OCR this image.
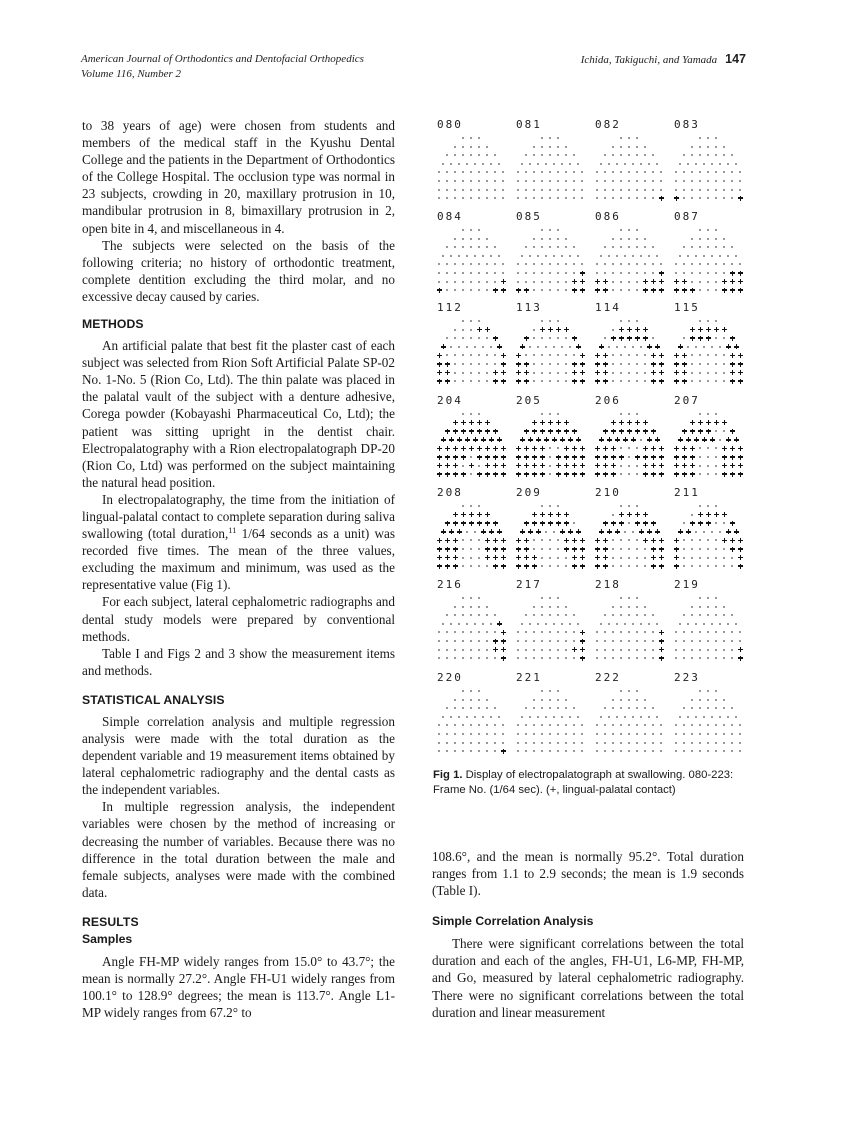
American Journal of Orthodontics and Dentofacial Orthopedics
Volume 116, Number 2
Ichida, Takiguchi, and Yamada 147

to 38 years of age) were chosen from students and members of the medical staff in the Kyushu Dental College and the patients in the Department of Orthodontics of the College Hospital. The occlusion type was normal in 23 subjects, crowding in 20, maxillary protrusion in 10, mandibular protrusion in 8, bimaxillary protrusion in 2, open bite in 4, and miscellaneous in 4.

The subjects were selected on the basis of the following criteria; no history of orthodontic treatment, complete dentition excluding the third molar, and no excessive decay caused by caries.

METHODS

An artificial palate that best fit the plaster cast of each subject was selected from Rion Soft Artificial Palate SP-02 No. 1-No. 5 (Rion Co, Ltd). The thin palate was placed in the palatal vault of the subject with a denture adhesive, Corega powder (Kobayashi Pharmaceutical Co, Ltd); the patient was sitting upright in the dentist chair. Electropalatography with a Rion electropalatograph DP-20 (Rion Co, Ltd) was performed on the subject maintaining the natural head position.

In electropalatography, the time from the initiation of lingual-palatal contact to complete separation during saliva swallowing (total duration,$^{11}$ 1/64 seconds as a unit) was recorded five times. The mean of the three values, excluding the maximum and minimum, was used as the representative value (Fig 1).

For each subject, lateral cephalometric radiographs and dental study models were prepared by conventional methods.

Table I and Figs 2 and 3 show the measurement items and methods.

STATISTICAL ANALYSIS

Simple correlation analysis and multiple regression analysis were made with the total duration as the dependent variable and 19 measurement items obtained by lateral cephalometric radiography and the dental casts as the independent variables.

In multiple regression analysis, the independent variables were chosen by the method of increasing or decreasing the number of variables. Because there was no difference in the total duration between the male and female subjects, analyses were made with the combined data.

RESULTS
Samples

Angle FH-MP widely ranges from 15.0° to 43.7°; the mean is normally 27.2°. Angle FH-U1 widely ranges from 100.1° to 128.9° degrees; the mean is 113.7°. Angle L1-MP widely ranges from 67.2° to

080	081	082	083
084	085	086	087
112	113	114	115
204	205	206	207
208	209	210	211
216	217	218	219
220	221	222	223
Fig 1. Display of electropalatograph at swallowing. 080-223: Frame No. (1/64 sec). (+, lingual-palatal contact)

108.6°, and the mean is normally 95.2°. Total duration ranges from 1.1 to 2.9 seconds; the mean is 1.9 seconds (Table I).

Simple Correlation Analysis

There were significant correlations between the total duration and each of the angles, FH-U1, L6-MP, FH-MP, and Go, measured by lateral cephalometric radiography. There were no significant correlations between the total duration and linear measurement
